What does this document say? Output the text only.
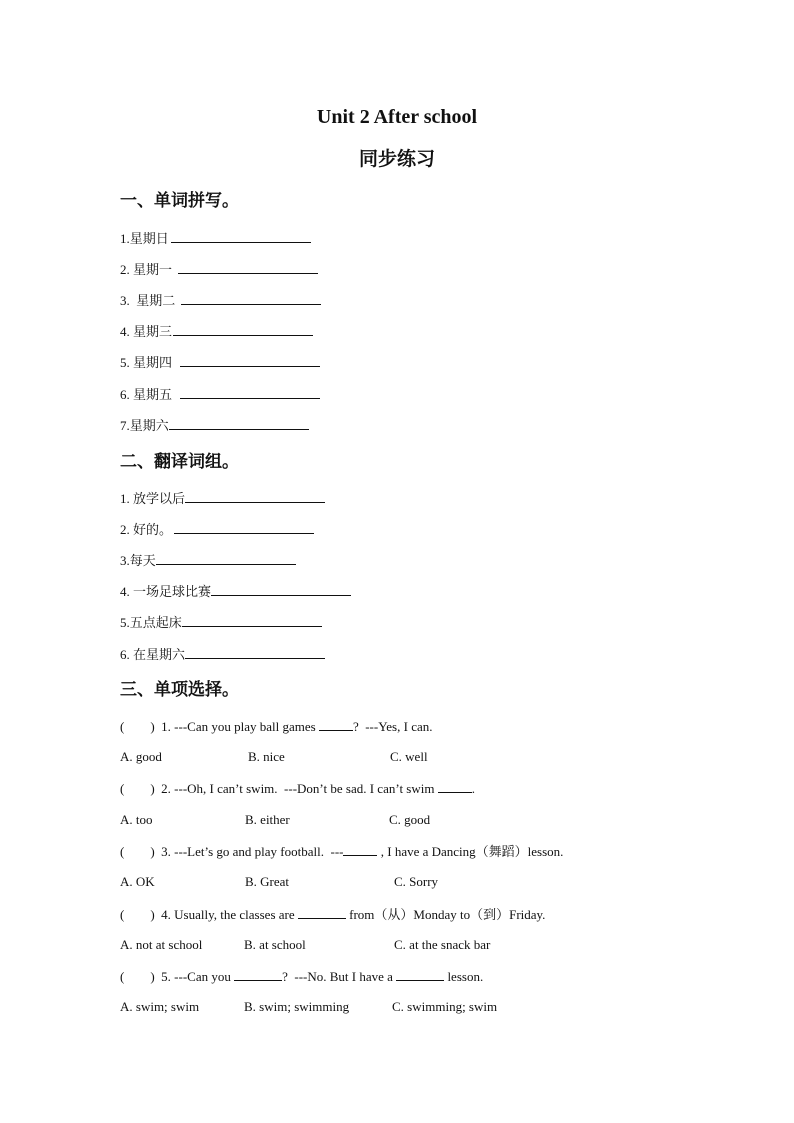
Unit 2 After school
同步练习
一、单词拼写。
1.星期日
2. 星期一
3.  星期二
4. 星期三
5. 星期四
6. 星期五
7.星期六
二、翻译词组。
1. 放学以后
2. 好的。
3.每天
4. 一场足球比赛
5.五点起床
6. 在星期六
三、单项选择。
(        ) 1. ---Can you play ball games	?  ---Yes, I can.
A. good	B. nice	C. well
(        ) 2. ---Oh, I can’t swim.  ---Don’t be sad. I can’t swim	.
A. too	B. either	C. good
(        ) 3. ---Let’s go and play football.  ---	, I have a Dancing（舞蹈）lesson.
A. OK	B. Great	C. Sorry
(        ) 4. Usually, the classes are	from（从）Monday to（到）Friday.
A. not at school	B. at school	C. at the snack bar
(        ) 5. ---Can you	?  ---No. But I have a	lesson.
A. swim; swim	B. swim; swimming	C. swimming; swim
